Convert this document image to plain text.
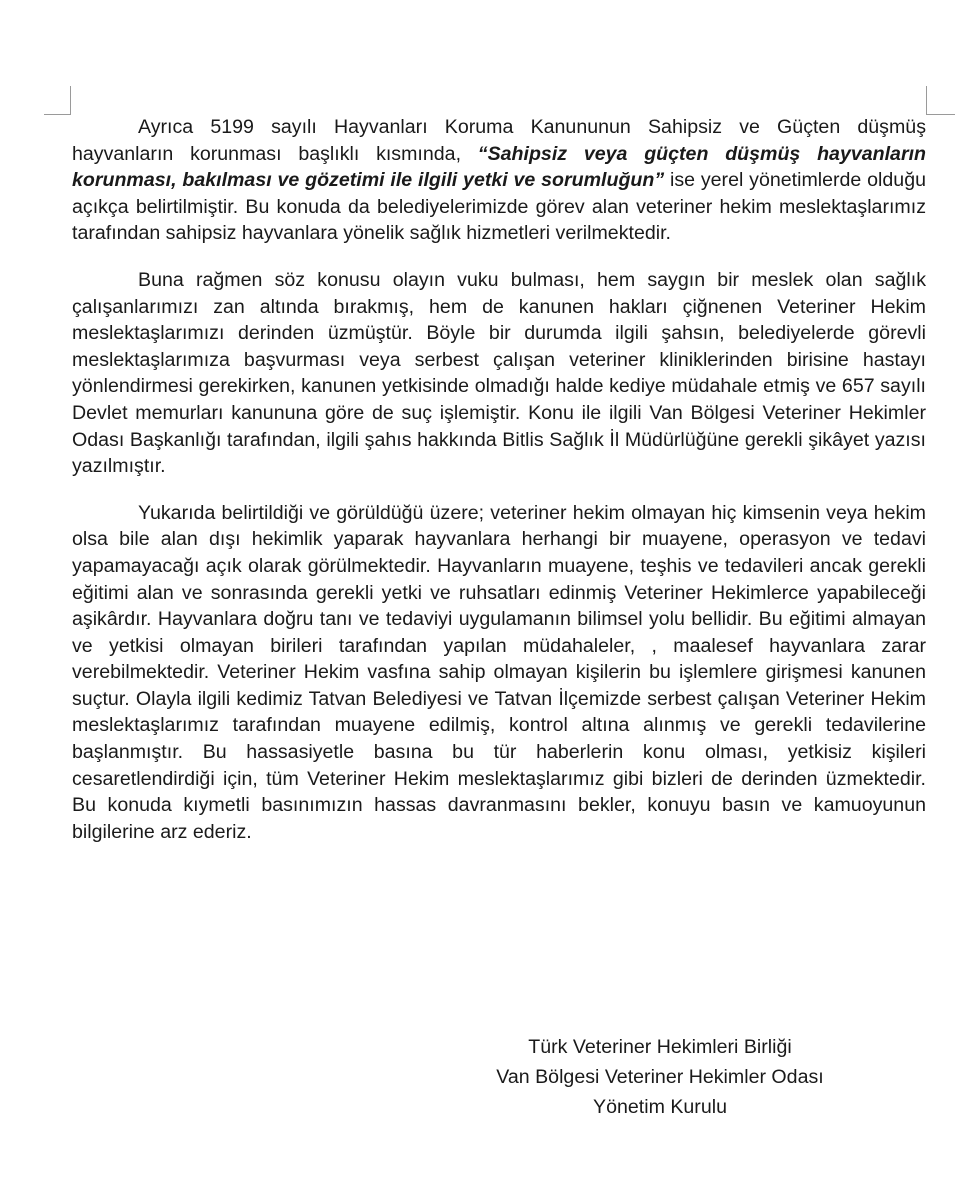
Ayrıca 5199 sayılı Hayvanları Koruma Kanununun Sahipsiz ve Güçten düşmüş hayvanların korunması başlıklı kısmında, “Sahipsiz veya güçten düşmüş hayvanların korunması, bakılması ve gözetimi ile ilgili yetki ve sorumluğun” ise yerel yönetimlerde olduğu açıkça belirtilmiştir. Bu konuda da belediyelerimizde görev alan veteriner hekim meslektaşlarımız tarafından sahipsiz hayvanlara yönelik sağlık hizmetleri verilmektedir.

Buna rağmen söz konusu olayın vuku bulması, hem saygın bir meslek olan sağlık çalışanlarımızı zan altında bırakmış, hem de kanunen hakları çiğnenen Veteriner Hekim meslektaşlarımızı derinden üzmüştür. Böyle bir durumda ilgili şahsın, belediyelerde görevli meslektaşlarımıza başvurması veya serbest çalışan veteriner kliniklerinden birisine hastayı yönlendirmesi gerekirken, kanunen yetkisinde olmadığı halde kediye müdahale etmiş ve 657 sayılı Devlet memurları kanununa göre de suç işlemiştir. Konu ile ilgili Van Bölgesi Veteriner Hekimler Odası Başkanlığı tarafından, ilgili şahıs hakkında Bitlis Sağlık İl Müdürlüğüne gerekli şikâyet yazısı yazılmıştır.

Yukarıda belirtildiği ve görüldüğü üzere; veteriner hekim olmayan hiç kimsenin veya hekim olsa bile alan dışı hekimlik yaparak hayvanlara herhangi bir muayene, operasyon ve tedavi yapamayacağı açık olarak görülmektedir. Hayvanların muayene, teşhis ve tedavileri ancak gerekli eğitimi alan ve sonrasında gerekli yetki ve ruhsatları edinmiş Veteriner Hekimlerce yapabileceği aşikârdır. Hayvanlara doğru tanı ve tedaviyi uygulamanın bilimsel yolu bellidir. Bu eğitimi almayan ve yetkisi olmayan birileri tarafından yapılan müdahaleler, , maalesef hayvanlara zarar verebilmektedir. Veteriner Hekim vasfına sahip olmayan kişilerin bu işlemlere girişmesi kanunen suçtur. Olayla ilgili kedimiz Tatvan Belediyesi ve Tatvan İlçemizde serbest çalışan Veteriner Hekim meslektaşlarımız tarafından muayene edilmiş, kontrol altına alınmış ve gerekli tedavilerine başlanmıştır. Bu hassasiyetle basına bu tür haberlerin konu olması, yetkisiz kişileri cesaretlendirdiği için, tüm Veteriner Hekim meslektaşlarımız gibi bizleri de derinden üzmektedir. Bu konuda kıymetli basınımızın hassas davranmasını bekler, konuyu basın ve kamuoyunun bilgilerine arz ederiz.

Türk Veteriner Hekimleri Birliği
Van Bölgesi Veteriner Hekimler Odası
Yönetim Kurulu
